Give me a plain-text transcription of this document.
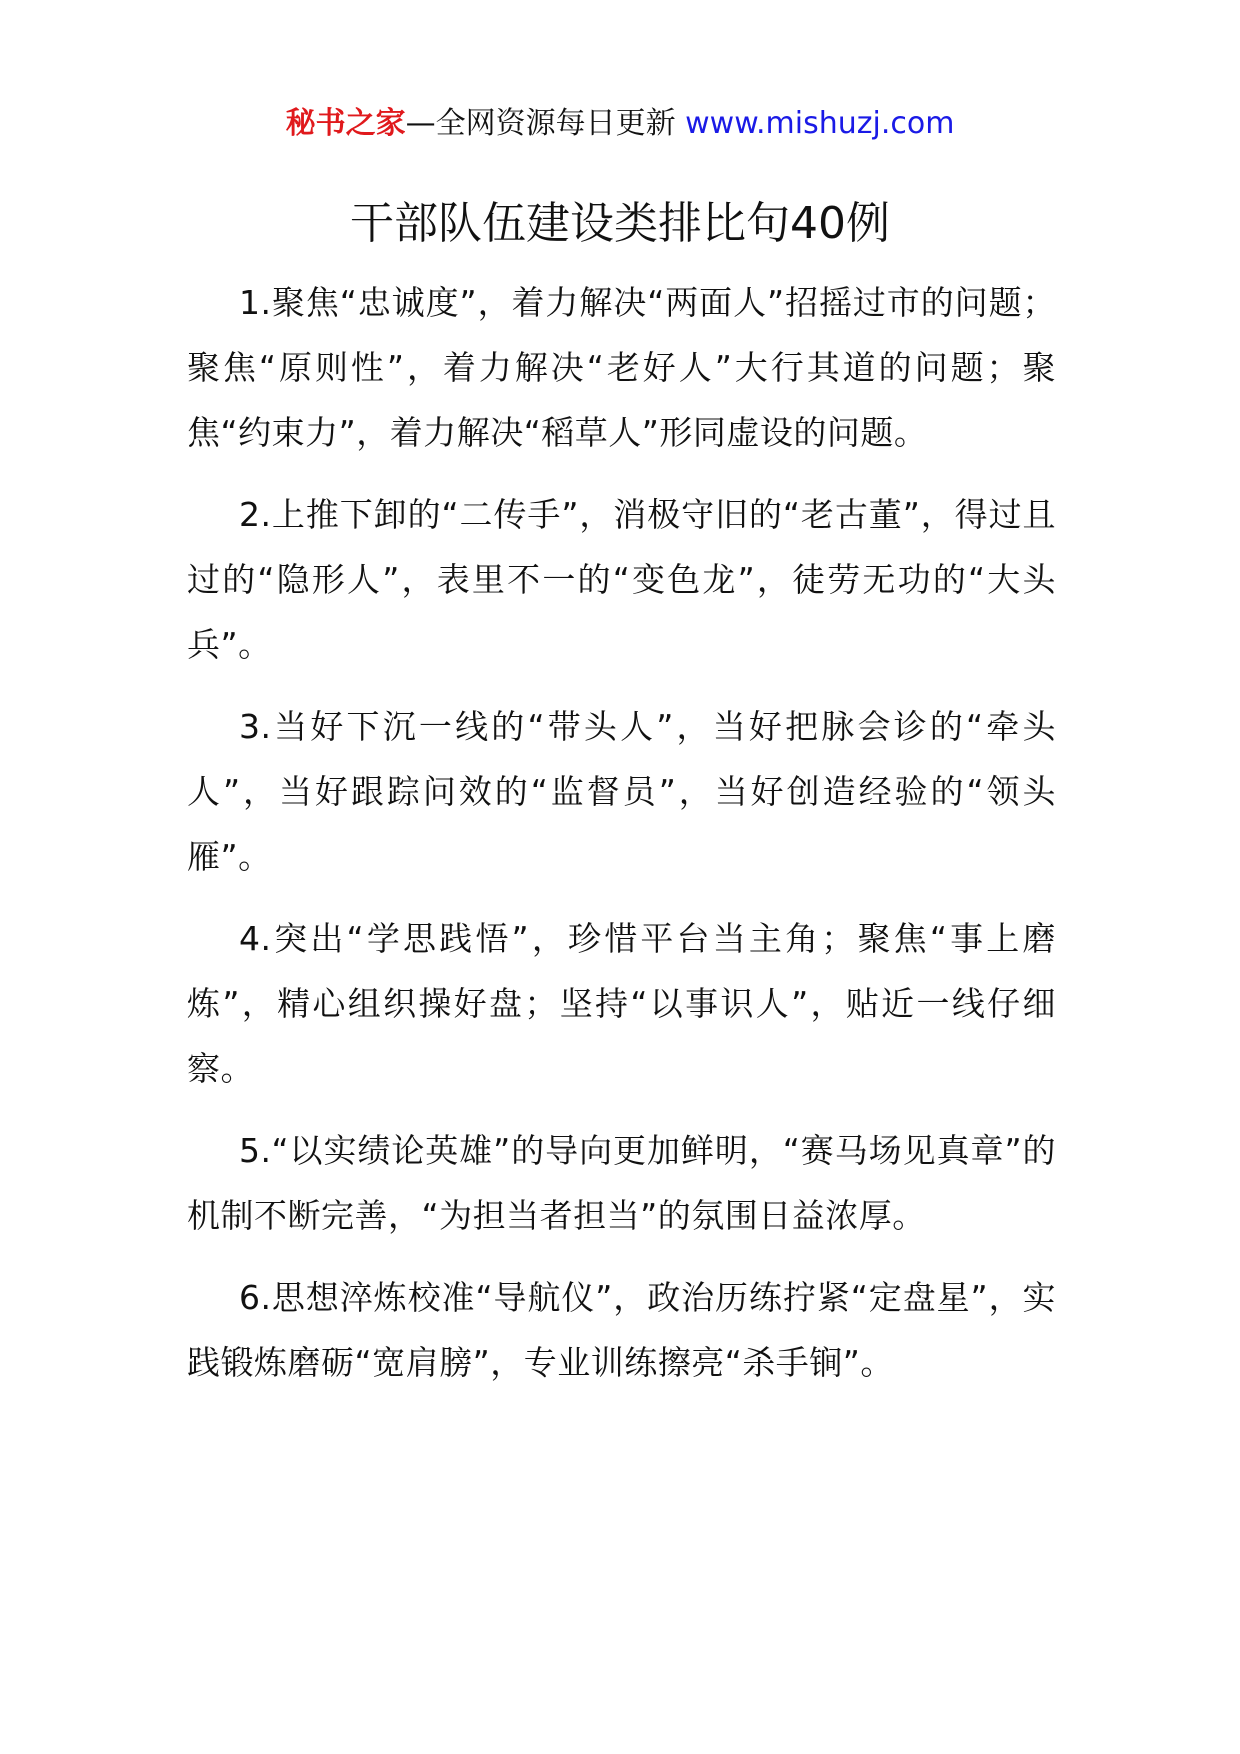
秘书之家—全网资源每日更新 www.mishuzj.com
干部队伍建设类排比句40例

1.聚焦“忠诚度”，着力解决“两面人”招摇过市的问题；聚焦“原则性”，着力解决“老好人”大行其道的问题；聚焦“约束力”，着力解决“稻草人”形同虚设的问题。

2.上推下卸的“二传手”，消极守旧的“老古董”，得过且过的“隐形人”，表里不一的“变色龙”，徒劳无功的“大头兵”。

3.当好下沉一线的“带头人”，当好把脉会诊的“牵头人”，当好跟踪问效的“监督员”，当好创造经验的“领头雁”。

4.突出“学思践悟”，珍惜平台当主角；聚焦“事上磨炼”，精心组织操好盘；坚持“以事识人”，贴近一线仔细察。

5.“以实绩论英雄”的导向更加鲜明，“赛马场见真章”的机制不断完善，“为担当者担当”的氛围日益浓厚。

6.思想淬炼校准“导航仪”，政治历练拧紧“定盘星”，实践锻炼磨砺“宽肩膀”，专业训练擦亮“杀手锏”。
